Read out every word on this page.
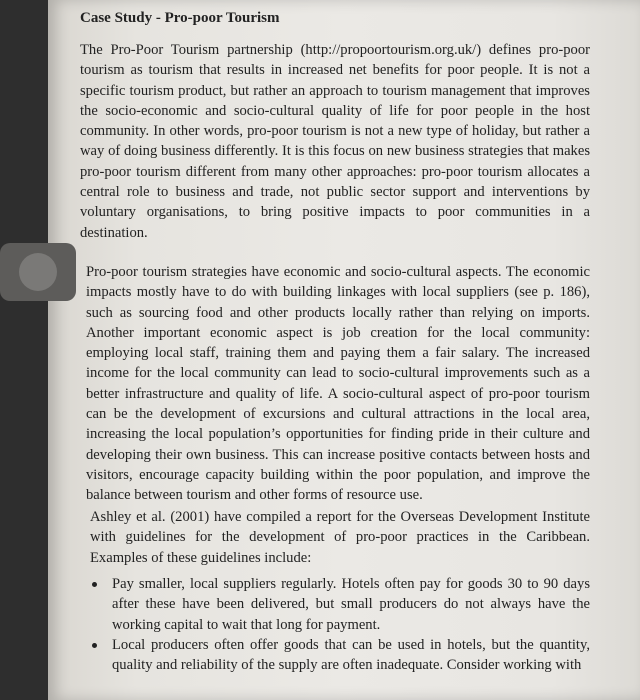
Case Study - Pro-poor Tourism

The Pro-Poor Tourism partnership (http://propoortourism.org.uk/) defines pro-poor tourism as tourism that results in increased net benefits for poor people. It is not a specific tourism product, but rather an approach to tourism management that improves the socio-economic and socio-cultural quality of life for poor people in the host community. In other words, pro-poor tourism is not a new type of holiday, but rather a way of doing business differently. It is this focus on new business strategies that makes pro-poor tourism different from many other approaches: pro-poor tourism allocates a central role to business and trade, not public sector support and interventions by voluntary organisations, to bring positive impacts to poor communities in a destination.

Pro-poor tourism strategies have economic and socio-cultural aspects. The economic impacts mostly have to do with building linkages with local suppliers (see p. 186), such as sourcing food and other products locally rather than relying on imports. Another important economic aspect is job creation for the local community: employing local staff, training them and paying them a fair salary. The increased income for the local community can lead to socio-cultural improvements such as a better infrastructure and quality of life. A socio-cultural aspect of pro-poor tourism can be the development of excursions and cultural attractions in the local area, increasing the local population’s opportunities for finding pride in their culture and developing their own business. This can increase positive contacts between hosts and visitors, encourage capacity building within the poor population, and improve the balance between tourism and other forms of resource use.

Ashley et al. (2001) have compiled a report for the Overseas Development Institute with guidelines for the development of pro-poor practices in the Caribbean. Examples of these guidelines include:

Pay smaller, local suppliers regularly. Hotels often pay for goods 30 to 90 days after these have been delivered, but small producers do not always have the working capital to wait that long for payment.
Local producers often offer goods that can be used in hotels, but the quantity, quality and reliability of the supply are often inadequate. Consider working with
